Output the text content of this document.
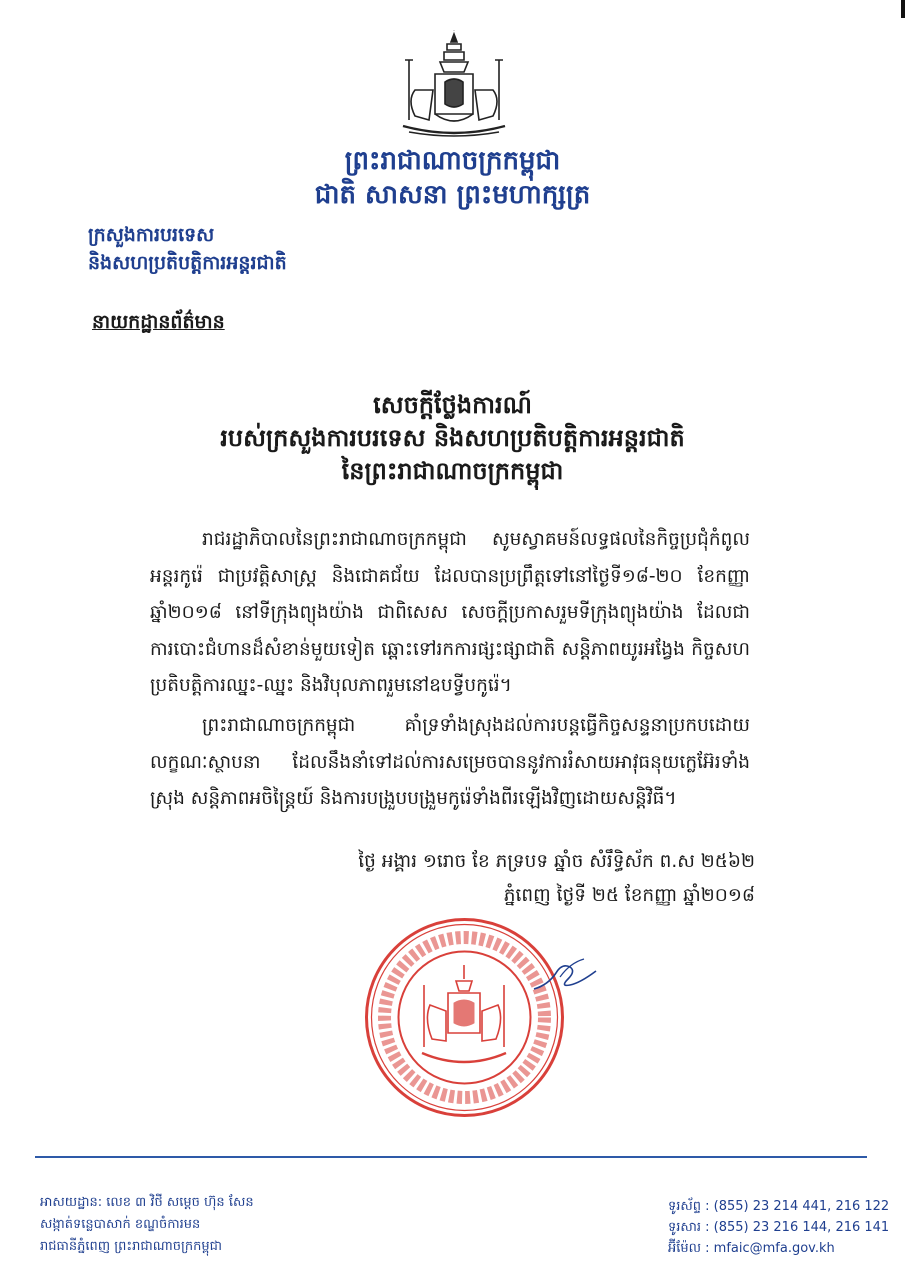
ព្រះរាជាណាចក្រកម្ពុជា
ជាតិ សាសនា ព្រះមហាក្សត្រ
ក្រសួងការបរទេស
និងសហប្រតិបត្តិការអន្តរជាតិ
នាយកដ្ឋានព័ត៌មាន
សេចក្តីថ្លែងការណ៍
របស់ក្រសួងការបរទេស និងសហប្រតិបត្តិការអន្តរជាតិ
នៃព្រះរាជាណាចក្រកម្ពុជា
រាជរដ្ឋាភិបាលនៃព្រះរាជាណាចក្រកម្ពុជា សូមស្វាគមន៍លទ្ធផលនៃកិច្ចប្រជុំកំពូលអន្តរកូរ៉េ ជាប្រវត្តិសាស្ត្រ និងជោគជ័យ ដែលបានប្រព្រឹត្តទៅនៅថ្ងៃទី១៨-២០ ខែកញ្ញា ឆ្នាំ២០១៨ នៅទីក្រុងព្យុងយ៉ាង ជាពិសេស សេចក្តីប្រកាសរួមទីក្រុងព្យុងយ៉ាង ដែលជាការបោះជំហានដ៏សំខាន់មួយទៀត ឆ្ពោះទៅរកការផ្សះផ្សាជាតិ សន្តិភាពយូរអង្វែង កិច្ចសហប្រតិបត្តិការឈ្នះ-ឈ្នះ និងវិបុលភាពរួមនៅឧបទ្វីបកូរ៉េ។
ព្រះរាជាណាចក្រកម្ពុជា គាំទ្រទាំងស្រុងដល់ការបន្តធ្វើកិច្ចសន្ទនាប្រកបដោយលក្ខណៈស្ថាបនា ដែលនឹងនាំទៅដល់ការសម្រេចបាននូវការរំសាយអាវុធនុយក្លេអ៊ែរទាំងស្រុង សន្តិភាពអចិន្ត្រៃយ៍ និងការបង្រួបបង្រួមកូរ៉េទាំងពីរឡើងវិញដោយសន្តិវិធី។
ថ្ងៃ អង្គារ ១រោច ខែ ភទ្របទ ឆ្នាំច សំរឹទ្ធិស័ក ព.ស ២៥៦២
ភ្នំពេញ ថ្ងៃទី ២៥ ខែកញ្ញា ឆ្នាំ២០១៨
អាសយដ្ឋាន: លេខ ៣ វិថី សម្តេច ហ៊ុន សែន
សង្កាត់ទន្លេបាសាក់ ខណ្ឌចំការមន
រាជធានីភ្នំពេញ ព្រះរាជាណាចក្រកម្ពុជា
ទូរស័ព្ទ : (855) 23 214 441, 216 122
ទូរសារ : (855) 23 216 144, 216 141
អ៊ីម៉ែល : mfaic@mfa.gov.kh
